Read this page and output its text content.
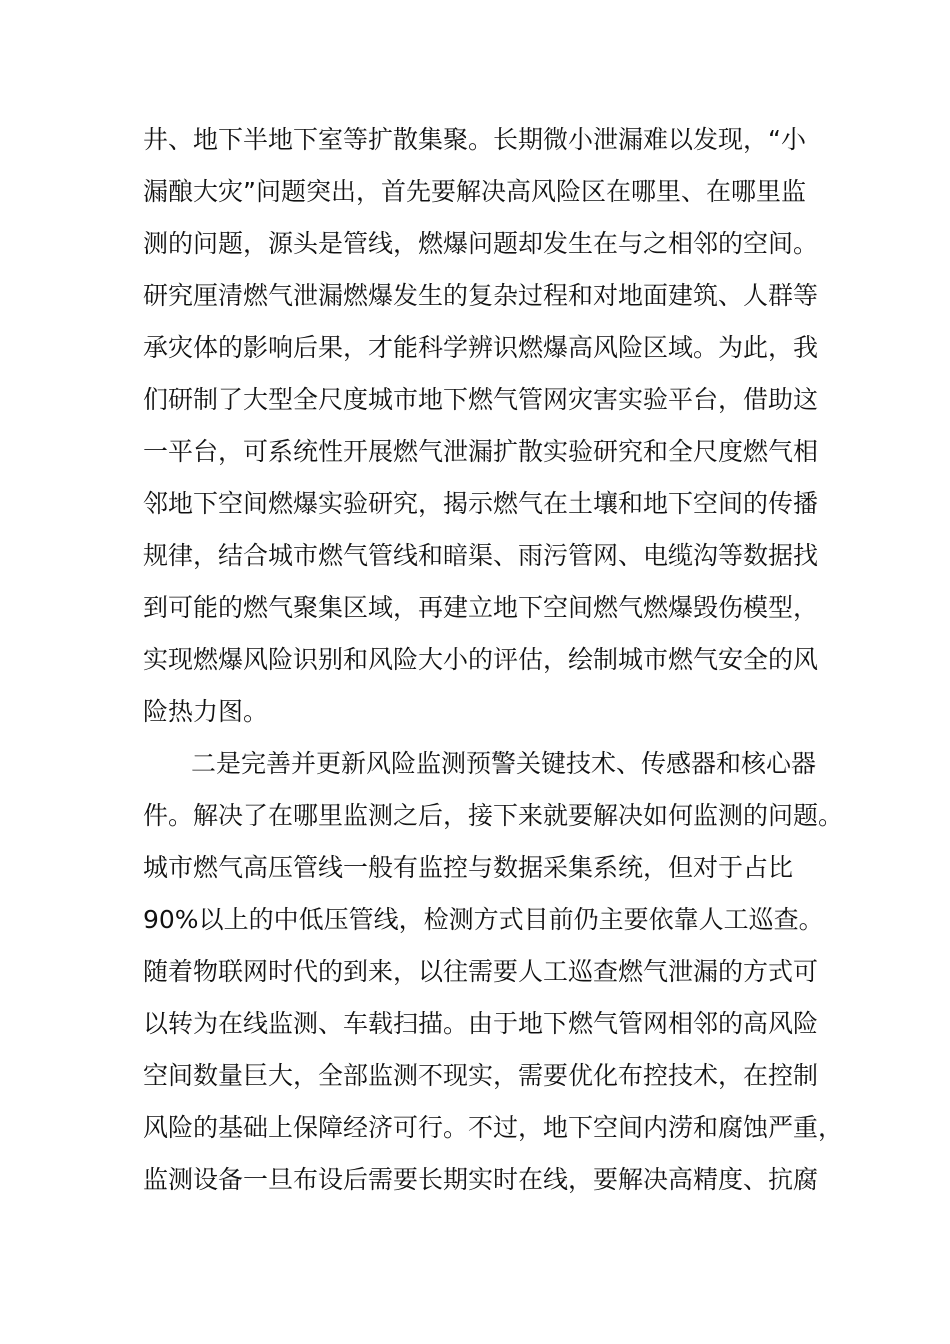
井、地下半地下室等扩散集聚。长期微小泄漏难以发现，“小
漏酿大灾”问题突出，首先要解决高风险区在哪里、在哪里监
测的问题，源头是管线，燃爆问题却发生在与之相邻的空间。
研究厘清燃气泄漏燃爆发生的复杂过程和对地面建筑、人群等
承灾体的影响后果，才能科学辨识燃爆高风险区域。为此，我
们研制了大型全尺度城市地下燃气管网灾害实验平台，借助这
一平台，可系统性开展燃气泄漏扩散实验研究和全尺度燃气相
邻地下空间燃爆实验研究，揭示燃气在土壤和地下空间的传播
规律，结合城市燃气管线和暗渠、雨污管网、电缆沟等数据找
到可能的燃气聚集区域，再建立地下空间燃气燃爆毁伤模型，
实现燃爆风险识别和风险大小的评估，绘制城市燃气安全的风
险热力图。
二是完善并更新风险监测预警关键技术、传感器和核心器
件。解决了在哪里监测之后，接下来就要解决如何监测的问题。
城市燃气高压管线一般有监控与数据采集系统，但对于占比
90%以上的中低压管线，检测方式目前仍主要依靠人工巡查。
随着物联网时代的到来，以往需要人工巡查燃气泄漏的方式可
以转为在线监测、车载扫描。由于地下燃气管网相邻的高风险
空间数量巨大，全部监测不现实，需要优化布控技术，在控制
风险的基础上保障经济可行。不过，地下空间内涝和腐蚀严重，
监测设备一旦布设后需要长期实时在线，要解决高精度、抗腐
